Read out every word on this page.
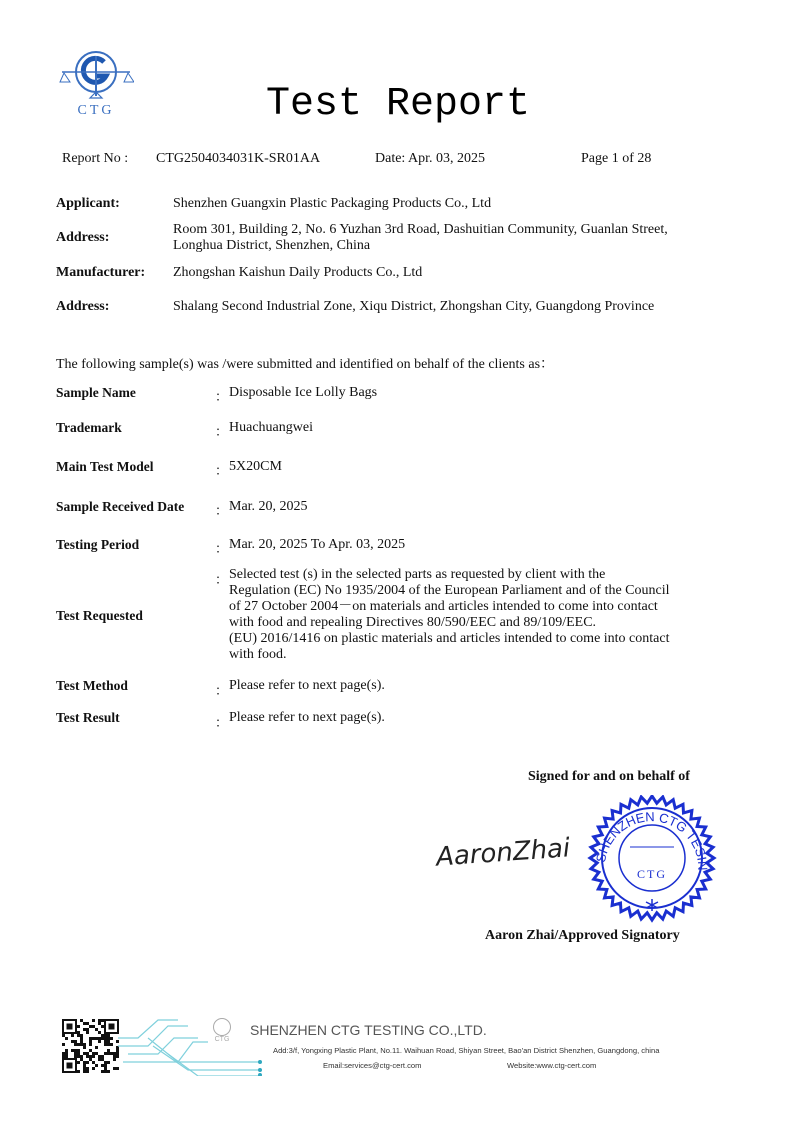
CTG	Test Report
Report No : CTG2504034031K-SR01AA	Date: Apr. 03, 2025	Page 1 of 28
Applicant:	Shenzhen Guangxin Plastic Packaging Products Co., Ltd
Address:
Room 301, Building 2, No. 6 Yuzhan 3rd Road, Dashuitian Community, Guanlan Street,
Longhua District, Shenzhen, China
Manufacturer: Zhongshan Kaishun Daily Products Co., Ltd
Address:	Shalang Second Industrial Zone, Xiqu District, Zhongshan City, Guangdong Province
The following sample(s) was /were submitted and identified on behalf of the clients as：
Sample Name	： Disposable Ice Lolly Bags
Trademark	： Huachuangwei
Main Test Model	： 5X20CM
Sample Received Date ： Mar. 20, 2025
Testing Period	： Mar. 20, 2025 To Apr. 03, 2025
Test Requested
： Selected test (s) in the selected parts as requested by client with the
Regulation (EC) No 1935/2004 of the European Parliament and of the Council
of 27 October 2004－on materials and articles intended to come into contact
with food and repealing Directives 80/590/EEC and 89/109/EEC.
(EU) 2016/1416 on plastic materials and articles intended to come into contact
with food.
Test Method	： Please refer to next page(s).
Test Result	： Please refer to next page(s).
Signed for and on behalf of
AaronZhai	SHENZHEN CTG TESIN
CTG
Aaron Zhai/Approved Signatory
CTG
SHENZHEN CTG TESTING CO.,LTD.
Add:3/f, Yongxing Plastic Plant, No.11. Waihuan Road, Shiyan Street, Bao'an District Shenzhen, Guangdong, china
Email:services@ctg-cert.com	Website:www.ctg-cert.com
